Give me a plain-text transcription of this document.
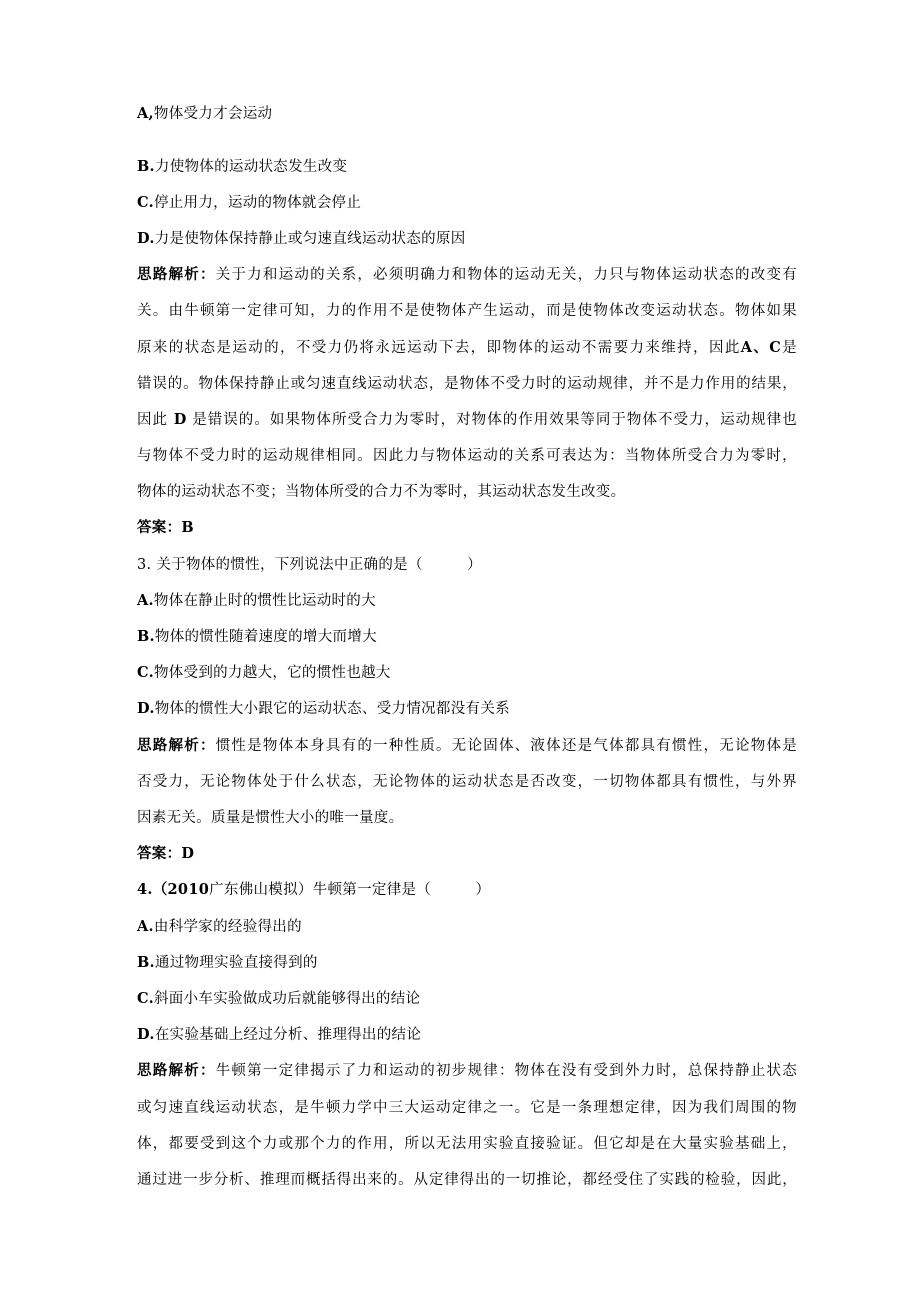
A,物体受力才会运动
B.力使物体的运动状态发生改变
C.停止用力，运动的物体就会停止
D.力是使物体保持静止或匀速直线运动状态的原因
思路解析：关于力和运动的关系，必须明确力和物体的运动无关，力只与物体运动状态的改变有
关。由牛顿第一定律可知，力的作用不是使物体产生运动，而是使物体改变运动状态。物体如果
原来的状态是运动的，不受力仍将永远运动下去，即物体的运动不需要力来维持，因此A、C是
错误的。物体保持静止或匀速直线运动状态，是物体不受力时的运动规律，并不是力作用的结果，
因此 D 是错误的。如果物体所受合力为零时，对物体的作用效果等同于物体不受力，运动规律也
与物体不受力时的运动规律相同。因此力与物体运动的关系可表达为：当物体所受合力为零时，
物体的运动状态不变；当物体所受的合力不为零时，其运动状态发生改变。
答案：B
3. 关于物体的惯性，下列说法中正确的是（　　　）
A.物体在静止时的惯性比运动时的大
B.物体的惯性随着速度的增大而增大
C.物体受到的力越大，它的惯性也越大
D.物体的惯性大小跟它的运动状态、受力情况都没有关系
思路解析：惯性是物体本身具有的一种性质。无论固体、液体还是气体都具有惯性，无论物体是
否受力，无论物体处于什么状态，无论物体的运动状态是否改变，一切物体都具有惯性，与外界
因素无关。质量是惯性大小的唯一量度。
答案：D
4.（2010广东佛山模拟）牛顿第一定律是（　　　）
A.由科学家的经验得出的
B.通过物理实验直接得到的
C.斜面小车实验做成功后就能够得出的结论
D.在实验基础上经过分析、推理得出的结论
思路解析：牛顿第一定律揭示了力和运动的初步规律：物体在没有受到外力时，总保持静止状态
或匀速直线运动状态，是牛顿力学中三大运动定律之一。它是一条理想定律，因为我们周围的物
体，都要受到这个力或那个力的作用，所以无法用实验直接验证。但它却是在大量实验基础上，
通过进一步分析、推理而概括得出来的。从定律得出的一切推论，都经受住了实践的检验，因此，
